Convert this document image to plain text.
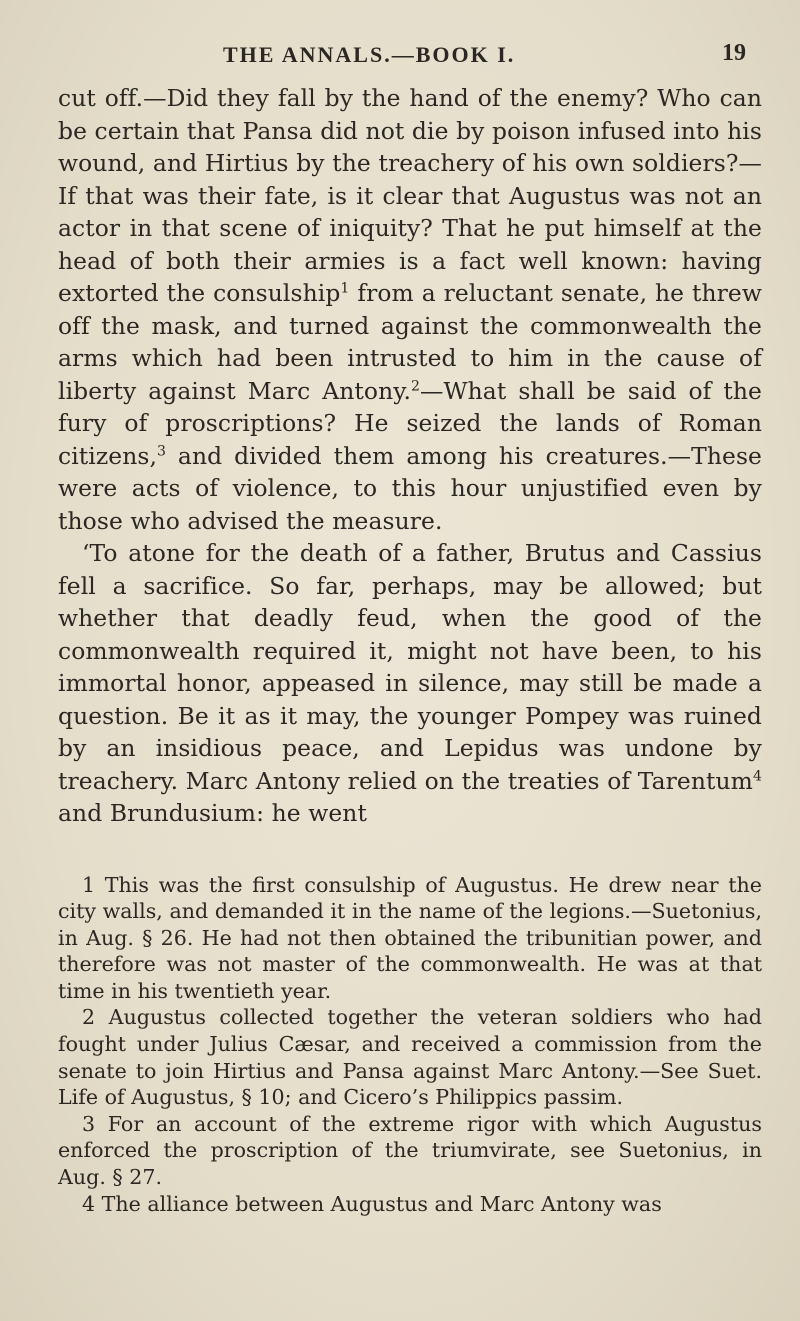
THE ANNALS.—BOOK I.	19

cut off.—Did they fall by the hand of the enemy? Who can be certain that Pansa did not die by poison infused into his wound, and Hirtius by the treachery of his own soldiers?—If that was their fate, is it clear that Augustus was not an actor in that scene of iniquity? That he put himself at the head of both their armies is a fact well known: having extorted the consulship$^1$ from a reluctant senate, he threw off the mask, and turned against the commonwealth the arms which had been intrusted to him in the cause of liberty against Marc Antony.$^2$—What shall be said of the fury of proscriptions? He seized the lands of Roman citizens,$^3$ and divided them among his creatures.—These were acts of violence, to this hour unjustified even by those who advised the measure.

‘To atone for the death of a father, Brutus and Cassius fell a sacrifice. So far, perhaps, may be allowed; but whether that deadly feud, when the good of the commonwealth required it, might not have been, to his immortal honor, appeased in silence, may still be made a question. Be it as it may, the younger Pompey was ruined by an insidious peace, and Lepidus was undone by treachery. Marc Antony relied on the treaties of Tarentum$^4$ and Brundusium: he went

1 This was the first consulship of Augustus. He drew near the city walls, and demanded it in the name of the legions.—Suetonius, in Aug. § 26. He had not then obtained the tribunitian power, and therefore was not master of the commonwealth. He was at that time in his twentieth year.

2 Augustus collected together the veteran soldiers who had fought under Julius Cæsar, and received a commission from the senate to join Hirtius and Pansa against Marc Antony.—See Suet. Life of Augustus, § 10; and Cicero’s Philippics passim.

3 For an account of the extreme rigor with which Augustus enforced the proscription of the triumvirate, see Suetonius, in Aug. § 27.

4 The alliance between Augustus and Marc Antony was
